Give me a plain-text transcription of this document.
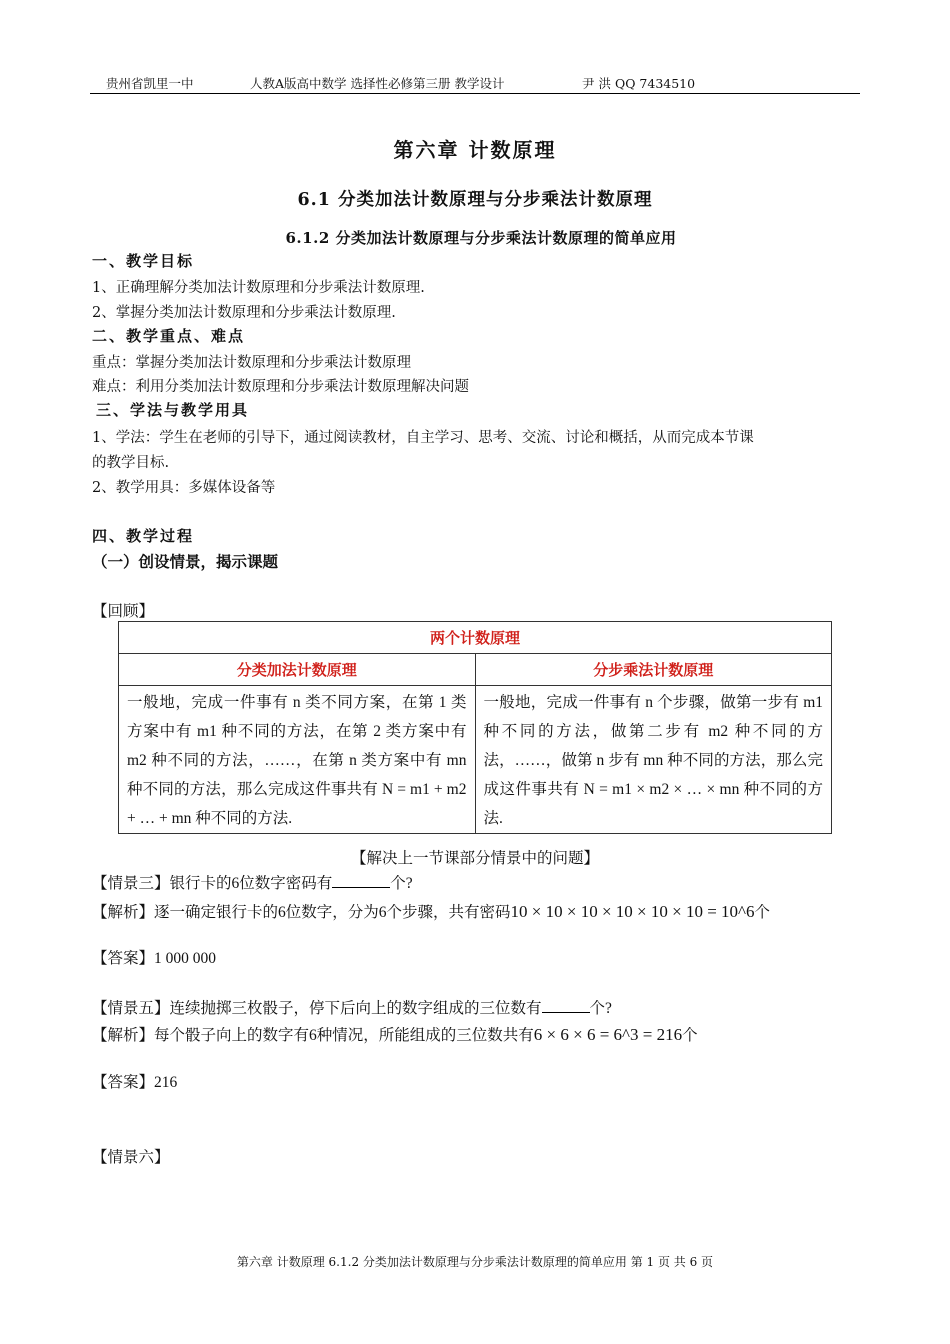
贵州省凯里一中	人教A版高中数学 选择性必修第三册 教学设计	尹 洪 QQ 7434510
第六章 计数原理
6.1 分类加法计数原理与分步乘法计数原理
6.1.2 分类加法计数原理与分步乘法计数原理的简单应用
一、教学目标
1、正确理解分类加法计数原理和分步乘法计数原理.
2、掌握分类加法计数原理和分步乘法计数原理.
二、教学重点、难点
重点：掌握分类加法计数原理和分步乘法计数原理
难点：利用分类加法计数原理和分步乘法计数原理解决问题
三、学法与教学用具
1、学法：学生在老师的引导下，通过阅读教材，自主学习、思考、交流、讨论和概括，从而完成本节课
的教学目标.
2、教学用具：多媒体设备等
四、教学过程
（一）创设情景，揭示课题
【回顾】
两个计数原理	
分类加法计数原理	分步乘法计数原理
一般地，完成一件事有 n 类不同方案，在第 1 类方案中有 m1 种不同的方法，在第 2 类方案中有 m2 种不同的方法，……，在第 n 类方案中有 mn 种不同的方法，那么完成这件事共有 N = m1 + m2 + … + mn 种不同的方法.	一般地，完成一件事有 n 个步骤，做第一步有 m1 种不同的方法，做第二步有 m2 种不同的方法，……，做第 n 步有 mn 种不同的方法，那么完成这件事共有 N = m1 × m2 × … × mn 种不同的方法.
【解决上一节课部分情景中的问题】
【情景三】银行卡的6位数字密码有	个?
【解析】逐一确定银行卡的6位数字，分为6个步骤，共有密码10 × 10 × 10 × 10 × 10 × 10 = 10^6个
【答案】1 000 000
【情景五】连续抛掷三枚骰子，停下后向上的数字组成的三位数有	个?
【解析】每个骰子向上的数字有6种情况，所能组成的三位数共有6 × 6 × 6 = 6^3 = 216个
【答案】216
【情景六】
第六章 计数原理 6.1.2 分类加法计数原理与分步乘法计数原理的简单应用 第 1 页 共 6 页
